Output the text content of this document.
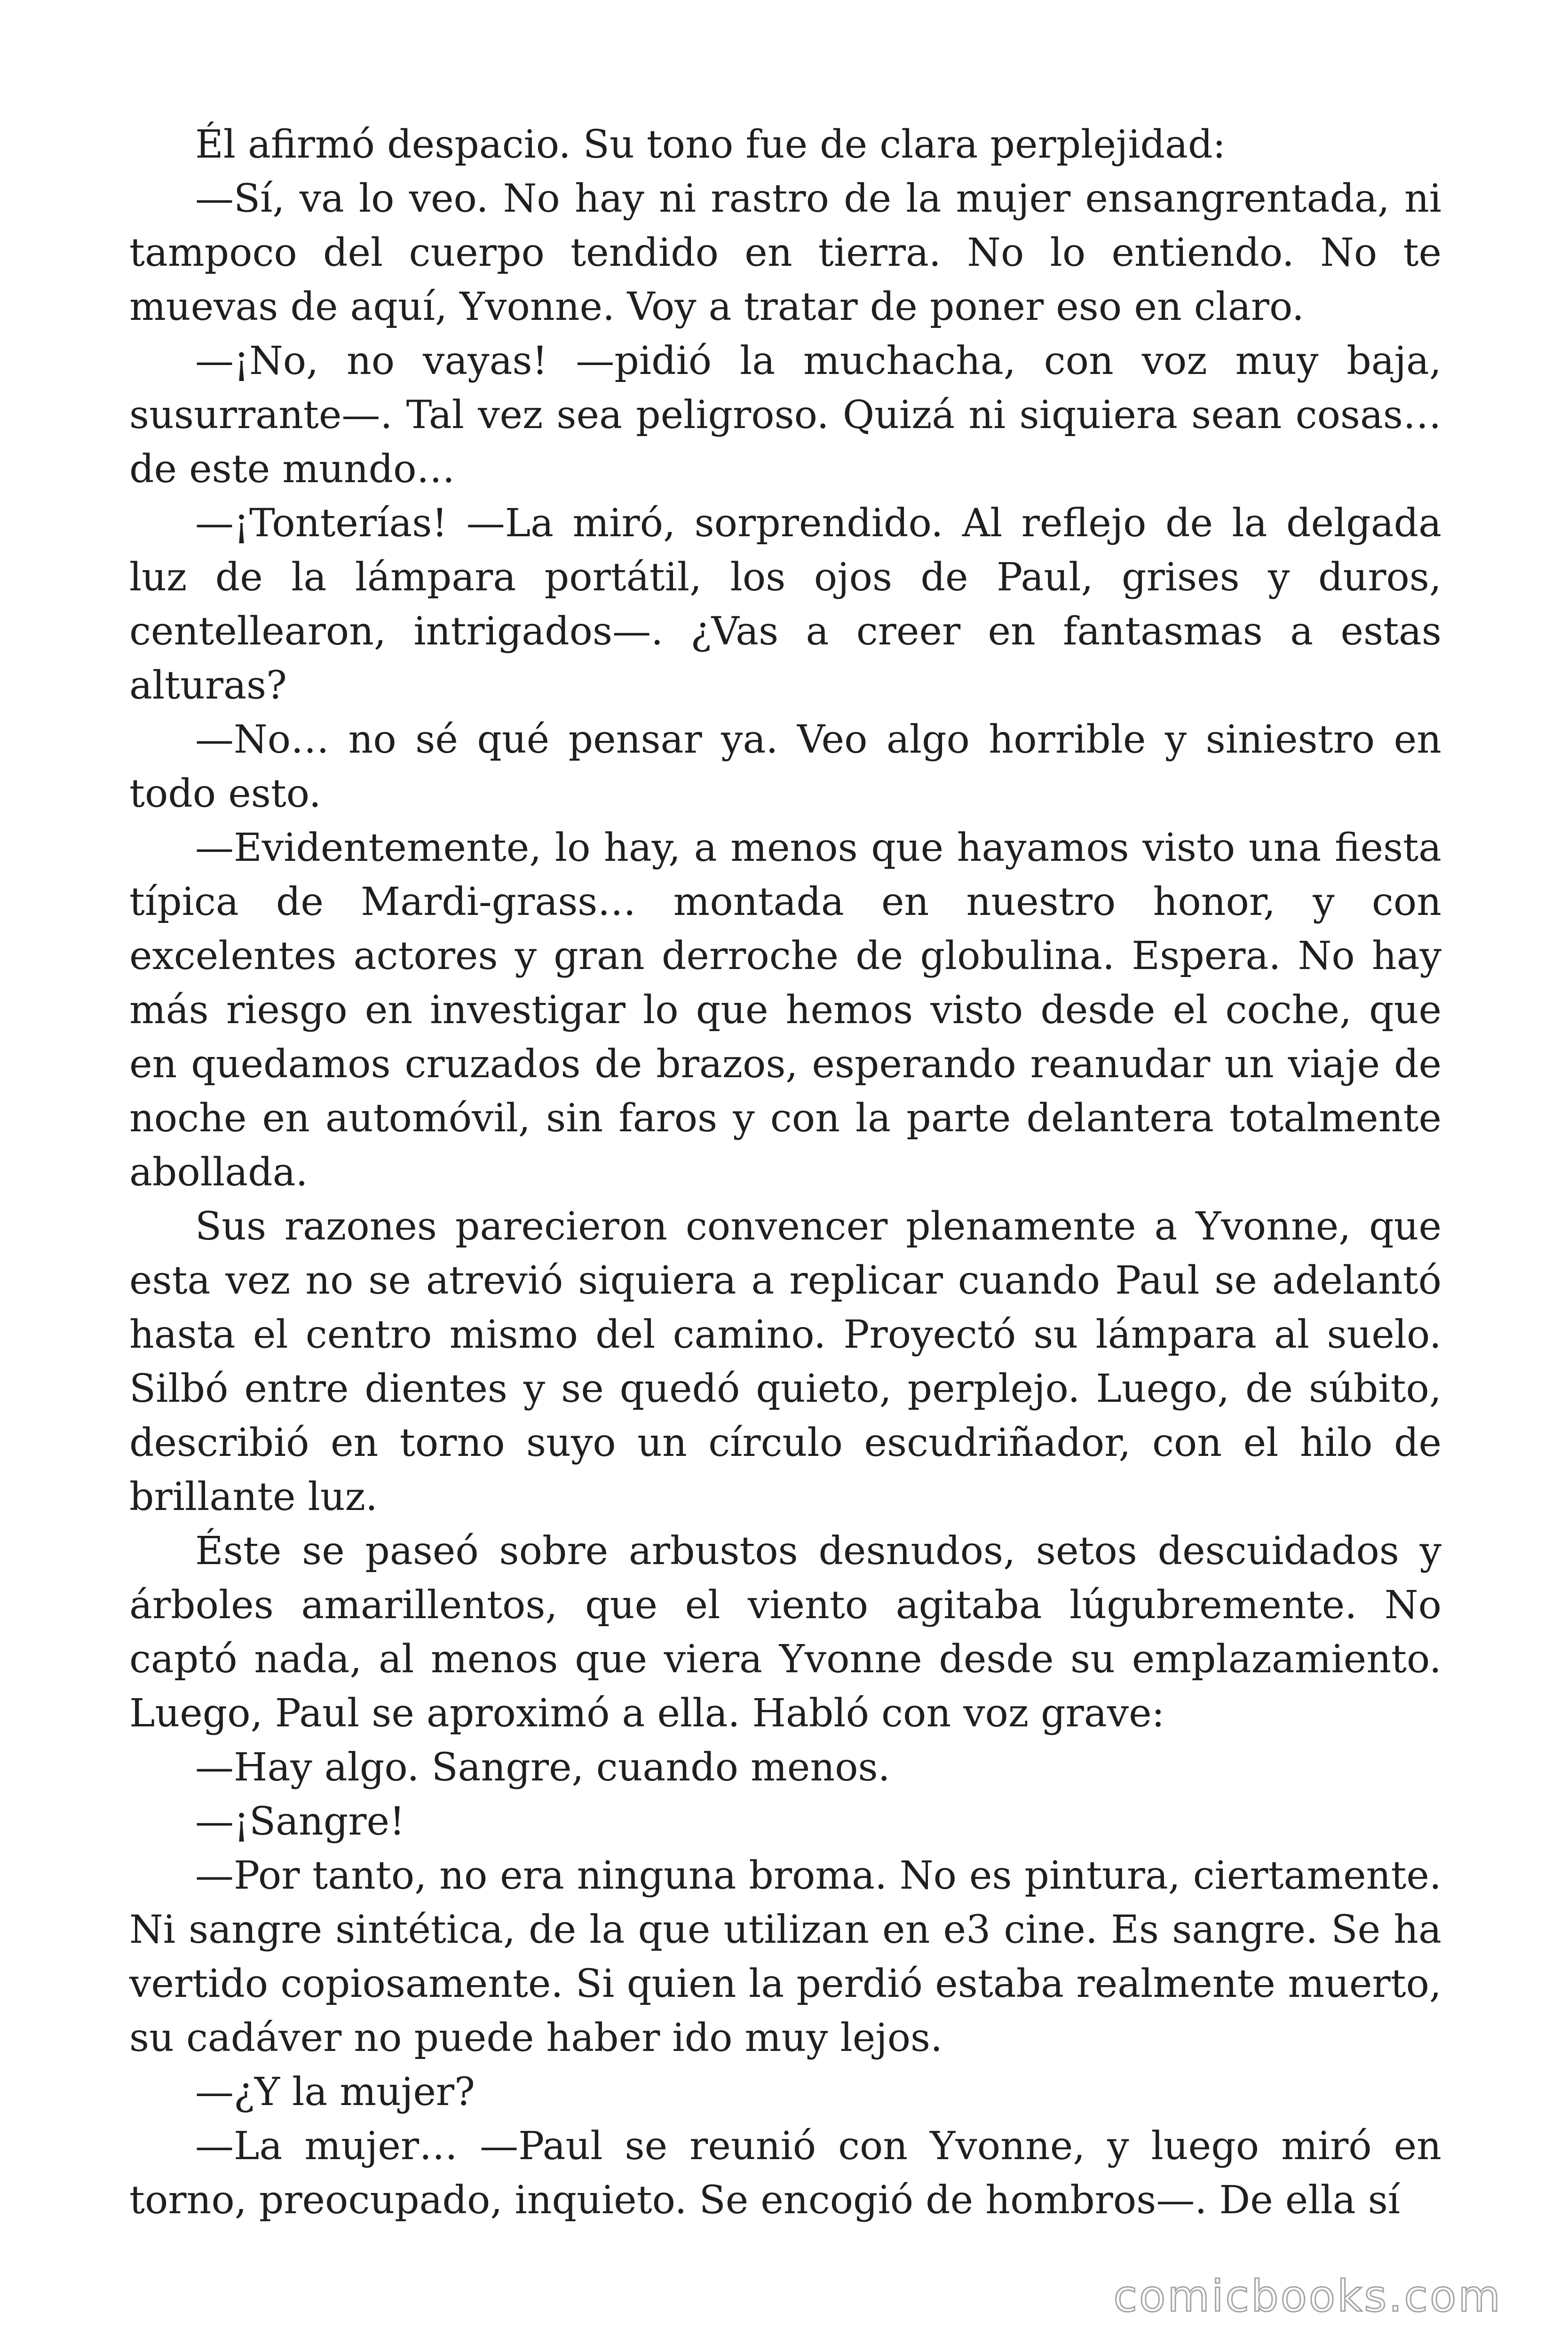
Él afirmó despacio. Su tono fue de clara perplejidad:

—Sí, va lo veo. No hay ni rastro de la mujer ensangrentada, ni tampoco del cuerpo tendido en tierra. No lo entiendo. No te muevas de aquí, Yvonne. Voy a tratar de poner eso en claro.

—¡No, no vayas! —pidió la muchacha, con voz muy baja, susurrante—. Tal vez sea peligroso. Quizá ni siquiera sean cosas… de este mundo…

—¡Tonterías! —La miró, sorprendido. Al reflejo de la delgada luz de la lámpara portátil, los ojos de Paul, grises y duros, centellearon, intrigados—. ¿Vas a creer en fantasmas a estas alturas?

—No… no sé qué pensar ya. Veo algo horrible y siniestro en todo esto.

—Evidentemente, lo hay, a menos que hayamos visto una fiesta típica de Mardi-grass… montada en nuestro honor, y con excelentes actores y gran derroche de globulina. Espera. No hay más riesgo en investigar lo que hemos visto desde el coche, que en quedamos cruzados de brazos, esperando reanudar un viaje de noche en automóvil, sin faros y con la parte delantera totalmente abollada.

Sus razones parecieron convencer plenamente a Yvonne, que esta vez no se atrevió siquiera a replicar cuando Paul se adelantó hasta el centro mismo del camino. Proyectó su lámpara al suelo. Silbó entre dientes y se quedó quieto, perplejo. Luego, de súbito, describió en torno suyo un círculo escudriñador, con el hilo de brillante luz.

Éste se paseó sobre arbustos desnudos, setos descuidados y árboles amarillentos, que el viento agitaba lúgubremente. No captó nada, al menos que viera Yvonne desde su emplazamiento. Luego, Paul se aproximó a ella. Habló con voz grave:

—Hay algo. Sangre, cuando menos.

—¡Sangre!

—Por tanto, no era ninguna broma. No es pintura, ciertamente. Ni sangre sintética, de la que utilizan en e3 cine. Es sangre. Se ha vertido copiosamente. Si quien la perdió estaba realmente muerto, su cadáver no puede haber ido muy lejos.

—¿Y la mujer?

—La mujer… —Paul se reunió con Yvonne, y luego miró en torno, preocupado, inquieto. Se encogió de hombros—. De ella sí

comicbooks.com
